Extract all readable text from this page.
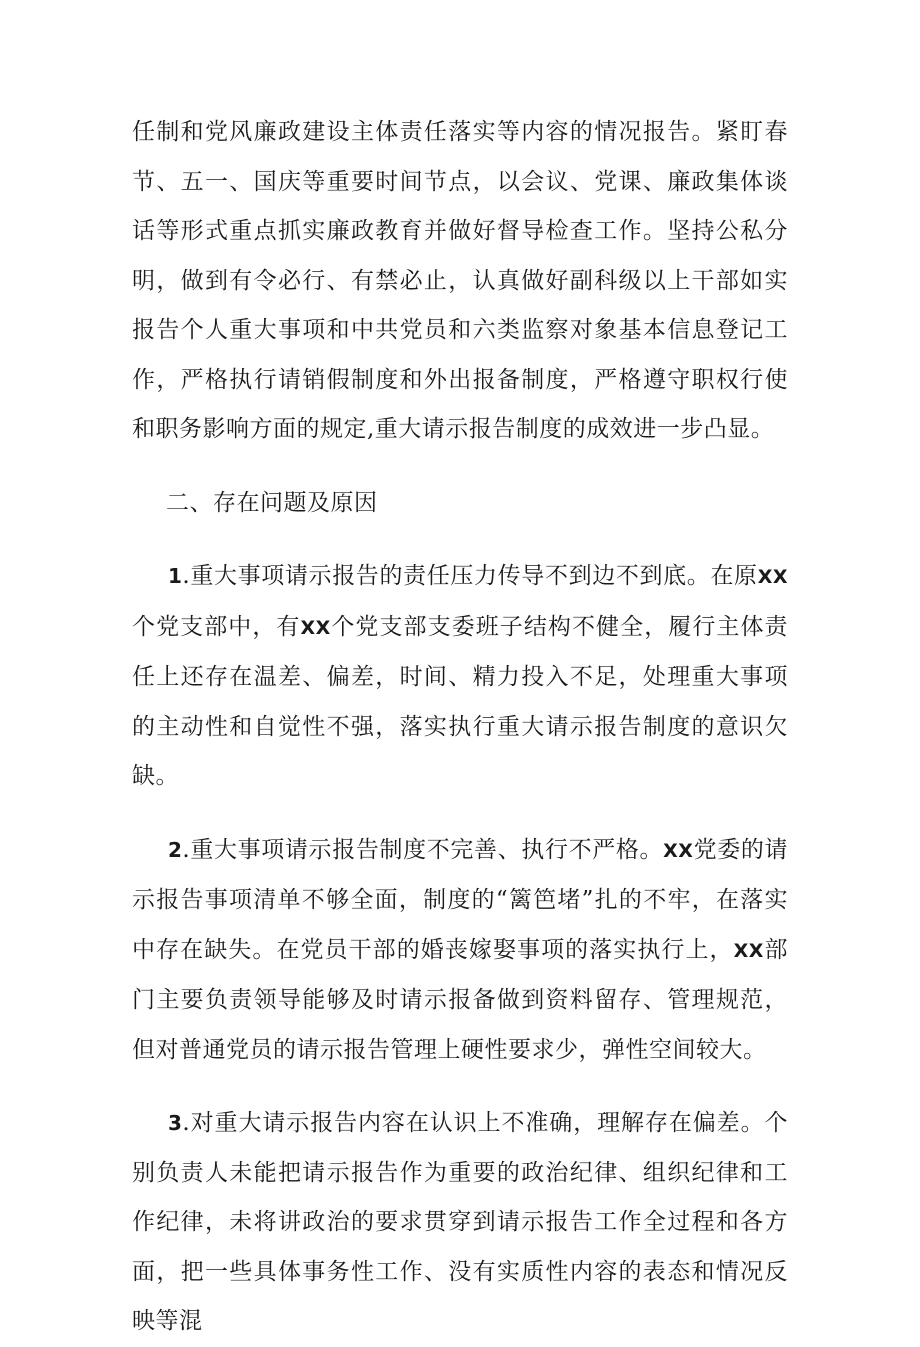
任制和党风廉政建设主体责任落实等内容的情况报告。紧盯春节、五一、国庆等重要时间节点，以会议、党课、廉政集体谈话等形式重点抓实廉政教育并做好督导检查工作。坚持公私分明，做到有令必行、有禁必止，认真做好副科级以上干部如实报告个人重大事项和中共党员和六类监察对象基本信息登记工作，严格执行请销假制度和外出报备制度，严格遵守职权行使和职务影响方面的规定,重大请示报告制度的成效进一步凸显。

二、存在问题及原因

1.重大事项请示报告的责任压力传导不到边不到底。在原XX个党支部中，有XX个党支部支委班子结构不健全，履行主体责任上还存在温差、偏差，时间、精力投入不足，处理重大事项的主动性和自觉性不强，落实执行重大请示报告制度的意识欠缺。

2.重大事项请示报告制度不完善、执行不严格。XX党委的请示报告事项清单不够全面，制度的“篱笆堵”扎的不牢，在落实中存在缺失。在党员干部的婚丧嫁娶事项的落实执行上，XX部门主要负责领导能够及时请示报备做到资料留存、管理规范，但对普通党员的请示报告管理上硬性要求少，弹性空间较大。

3.对重大请示报告内容在认识上不准确，理解存在偏差。个别负责人未能把请示报告作为重要的政治纪律、组织纪律和工作纪律，未将讲政治的要求贯穿到请示报告工作全过程和各方面，把一些具体事务性工作、没有实质性内容的表态和情况反映等混
